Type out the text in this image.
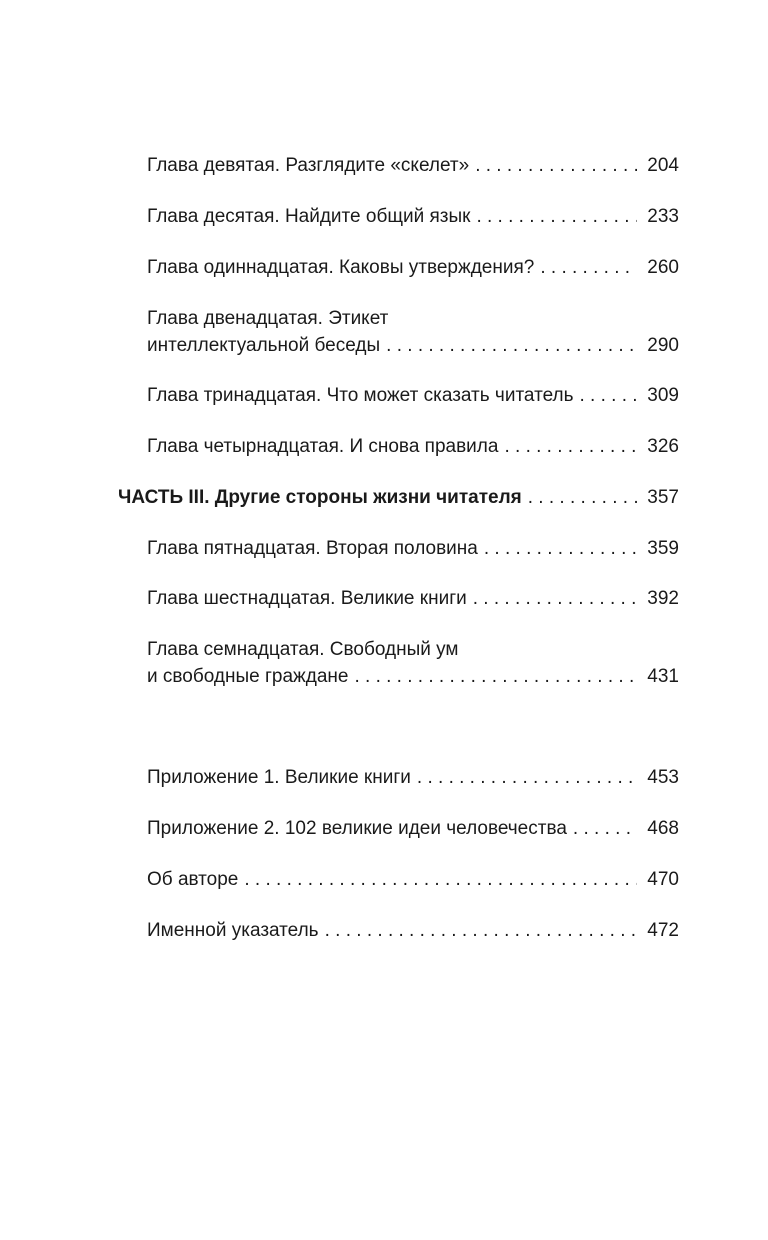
Глава девятая. Разглядите «скелет» . . .	204
Глава десятая. Найдите общий язык . . .	233
Глава одиннадцатая. Каковы утверждения? . . .	260
Глава двенадцатая. Этикет
интеллектуальной беседы . . .	290
Глава тринадцатая. Что может сказать читатель . . .	309
Глава четырнадцатая. И снова правила . . .	326
ЧАСТЬ III. Другие стороны жизни читателя . . .	357
Глава пятнадцатая. Вторая половина . . .	359
Глава шестнадцатая. Великие книги . . .	392
Глава семнадцатая. Свободный ум
и свободные граждане . . .	431
Приложение 1. Великие книги . . .	453
Приложение 2. 102 великие идеи человечества . . .	468
Об авторе . . .	470
Именной указатель . . .	472
